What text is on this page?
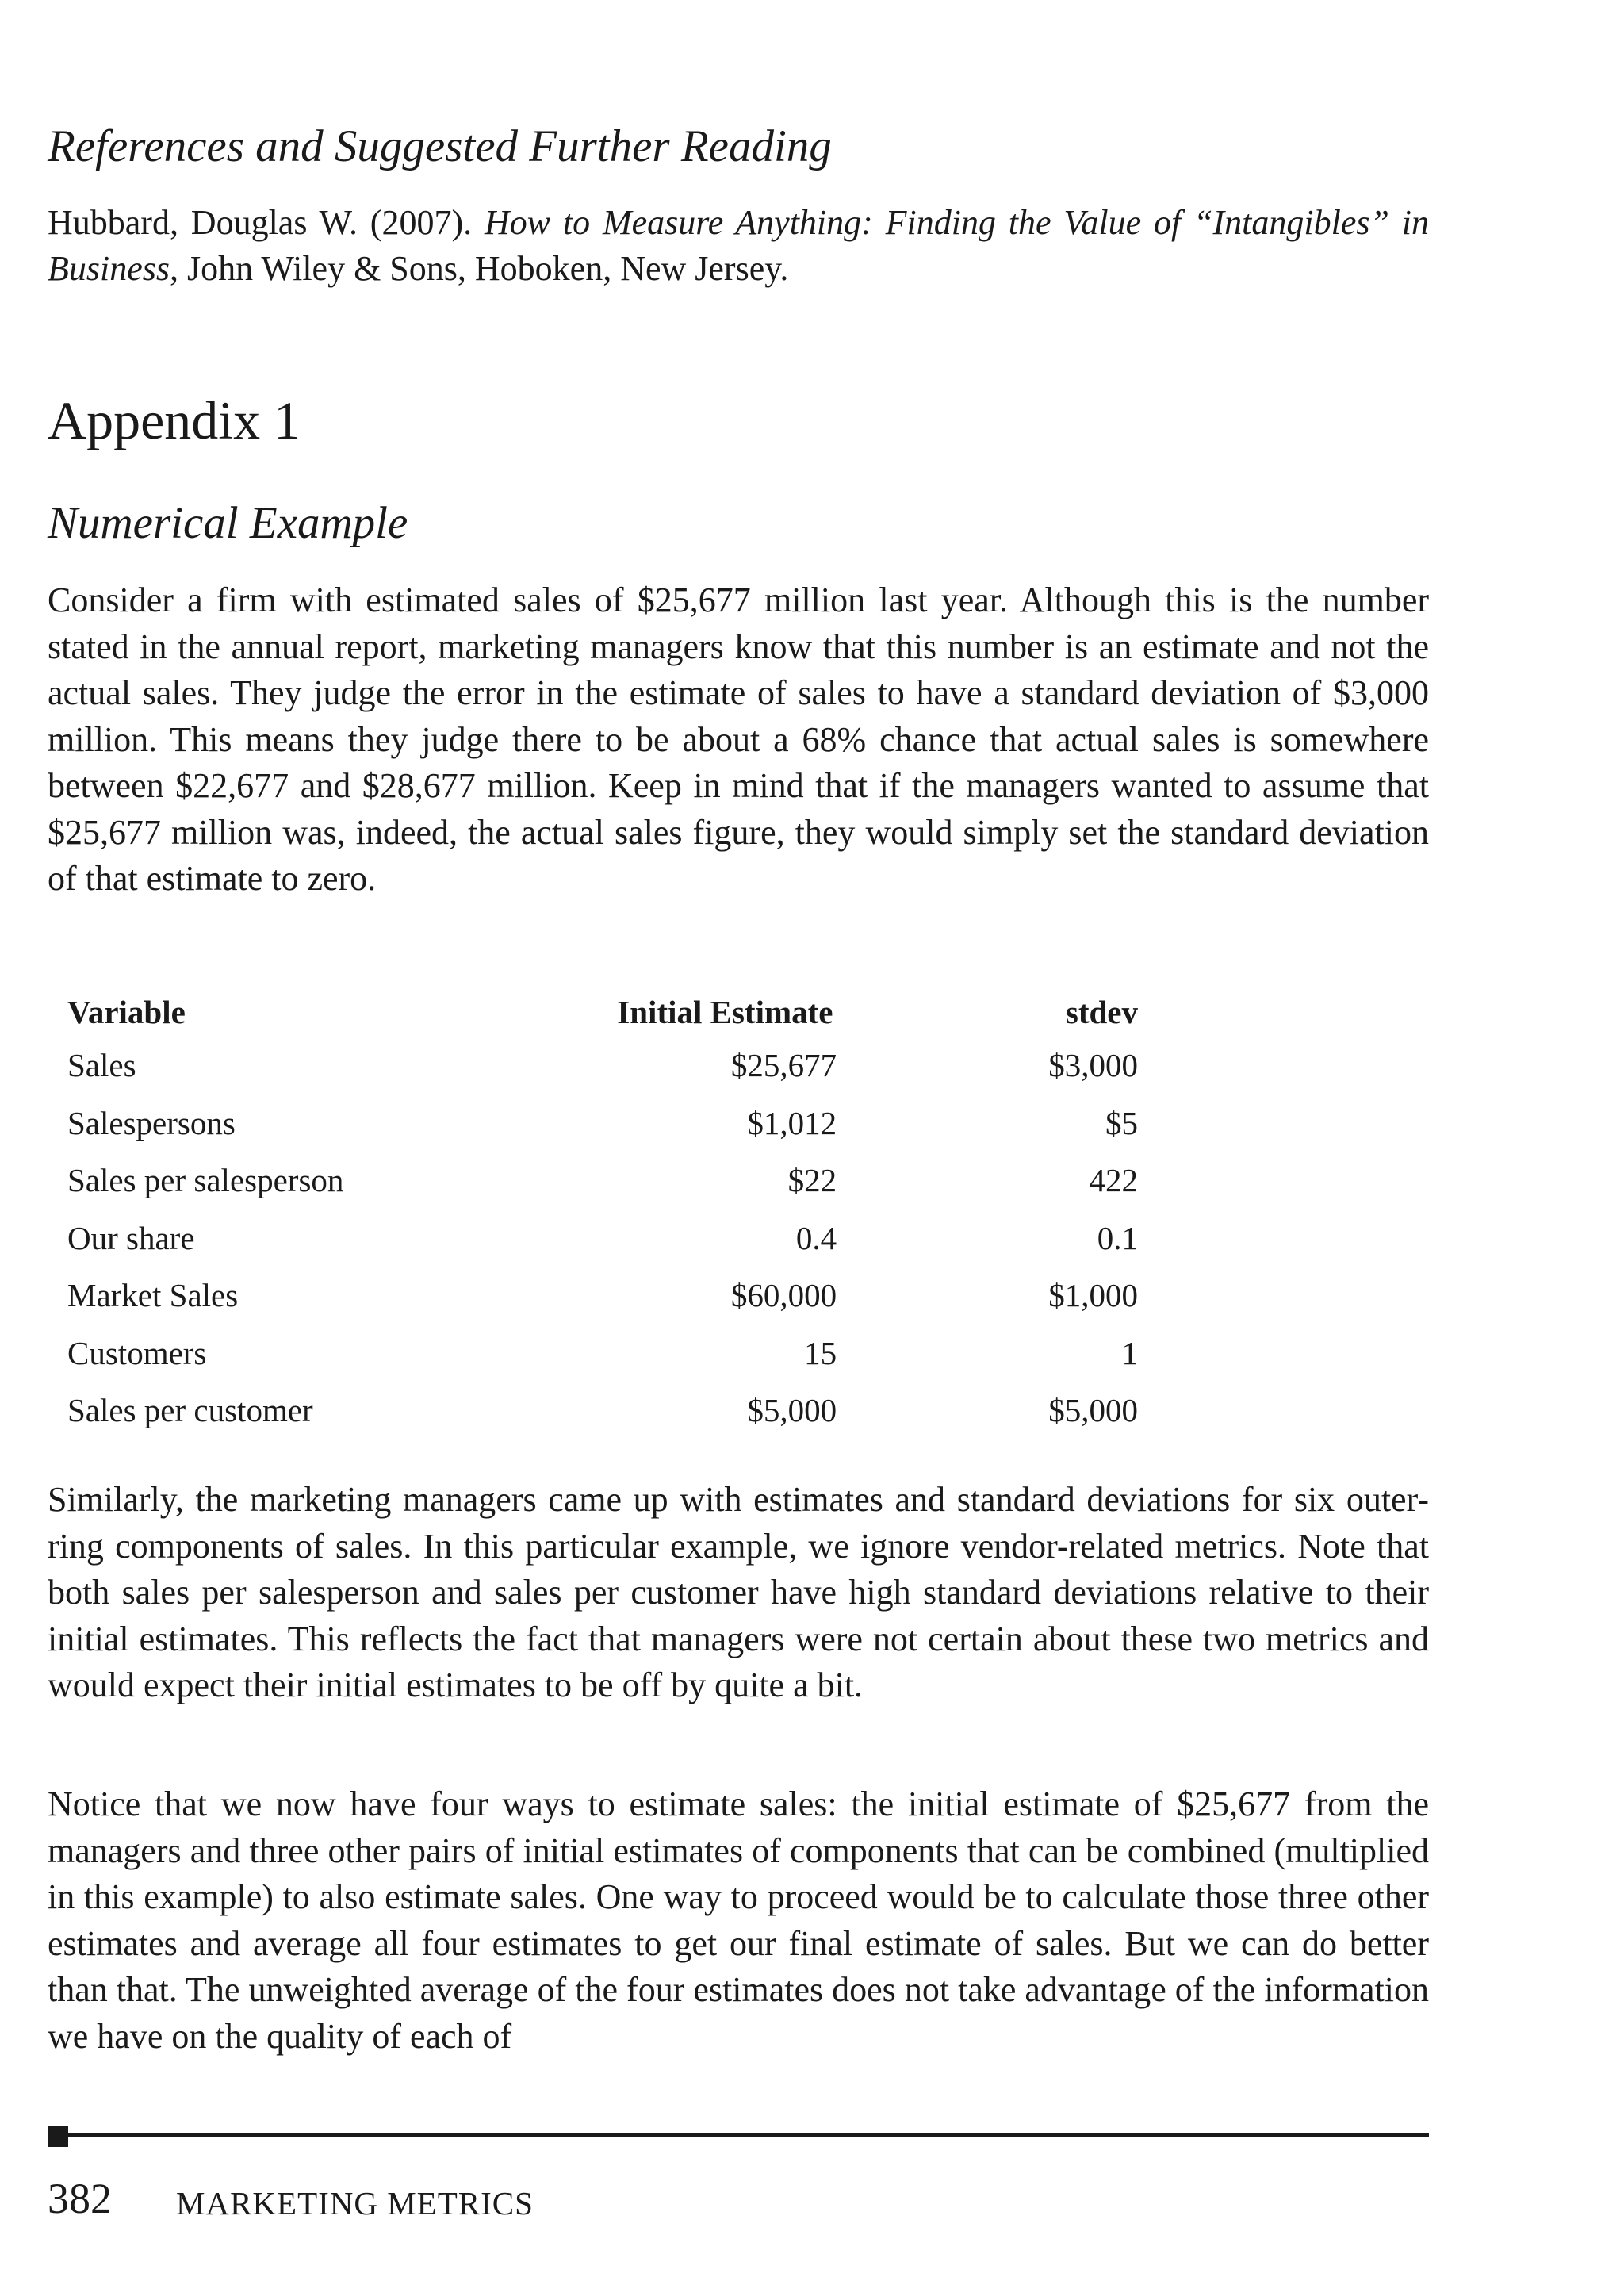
References and Suggested Further Reading

Hubbard, Douglas W. (2007). How to Measure Anything: Finding the Value of “Intangibles” in Business, John Wiley & Sons, Hoboken, New Jersey.

Appendix 1
Numerical Example

Consider a firm with estimated sales of $25,677 million last year. Although this is the number stated in the annual report, marketing managers know that this number is an estimate and not the actual sales. They judge the error in the estimate of sales to have a standard deviation of $3,000 million. This means they judge there to be about a 68% chance that actual sales is somewhere between $22,677 and $28,677 million. Keep in mind that if the managers wanted to assume that $25,677 million was, indeed, the actual sales figure, they would simply set the standard deviation of that estimate to zero.

Variable	Initial Estimate	stdev
Sales	$25,677	$3,000
Salespersons	$1,012	$5
Sales per salesperson	$22	422
Our share	0.4	0.1
Market Sales	$60,000	$1,000
Customers	15	1
Sales per customer	$5,000	$5,000

Similarly, the marketing managers came up with estimates and standard deviations for six outer-ring components of sales. In this particular example, we ignore vendor-related metrics. Note that both sales per salesperson and sales per customer have high standard deviations relative to their initial estimates. This reflects the fact that managers were not certain about these two metrics and would expect their initial estimates to be off by quite a bit.

Notice that we now have four ways to estimate sales: the initial estimate of $25,677 from the managers and three other pairs of initial estimates of components that can be combined (multiplied in this example) to also estimate sales. One way to proceed would be to calculate those three other estimates and average all four estimates to get our final estimate of sales. But we can do better than that. The unweighted average of the four estimates does not take advantage of the information we have on the quality of each of

382 MARKETING METRICS
